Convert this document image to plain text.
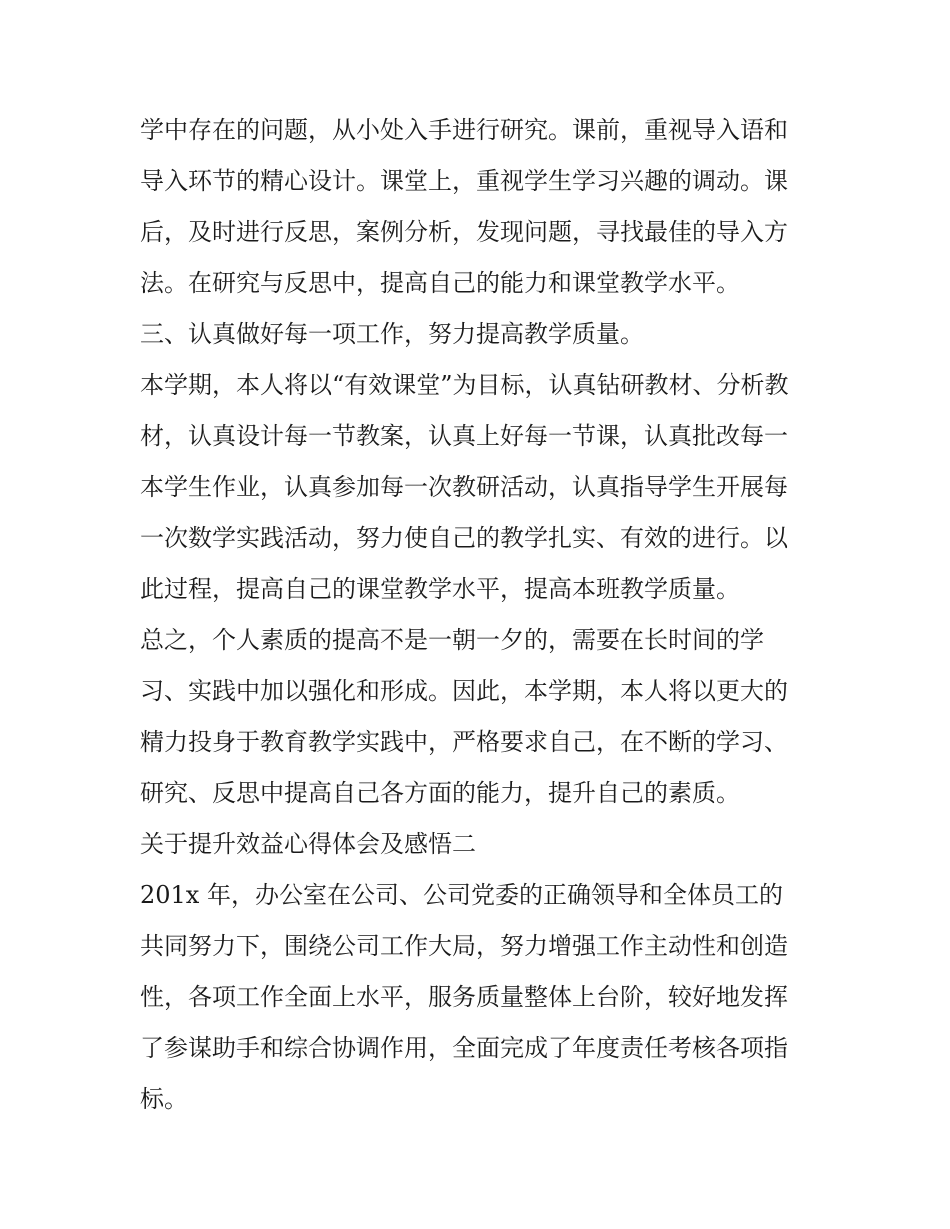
学中存在的问题，从小处入手进行研究。课前，重视导入语和
导入环节的精心设计。课堂上，重视学生学习兴趣的调动。课
后，及时进行反思，案例分析，发现问题，寻找最佳的导入方
法。在研究与反思中，提高自己的能力和课堂教学水平。
三、认真做好每一项工作，努力提高教学质量。
本学期，本人将以“有效课堂”为目标，认真钻研教材、分析教
材，认真设计每一节教案，认真上好每一节课，认真批改每一
本学生作业，认真参加每一次教研活动，认真指导学生开展每
一次数学实践活动，努力使自己的教学扎实、有效的进行。以
此过程，提高自己的课堂教学水平，提高本班教学质量。
总之，个人素质的提高不是一朝一夕的，需要在长时间的学
习、实践中加以强化和形成。因此，本学期，本人将以更大的
精力投身于教育教学实践中，严格要求自己，在不断的学习、
研究、反思中提高自己各方面的能力，提升自己的素质。
关于提升效益心得体会及感悟二
201x 年，办公室在公司、公司党委的正确领导和全体员工的
共同努力下，围绕公司工作大局，努力增强工作主动性和创造
性，各项工作全面上水平，服务质量整体上台阶，较好地发挥
了参谋助手和综合协调作用，全面完成了年度责任考核各项指
标。
